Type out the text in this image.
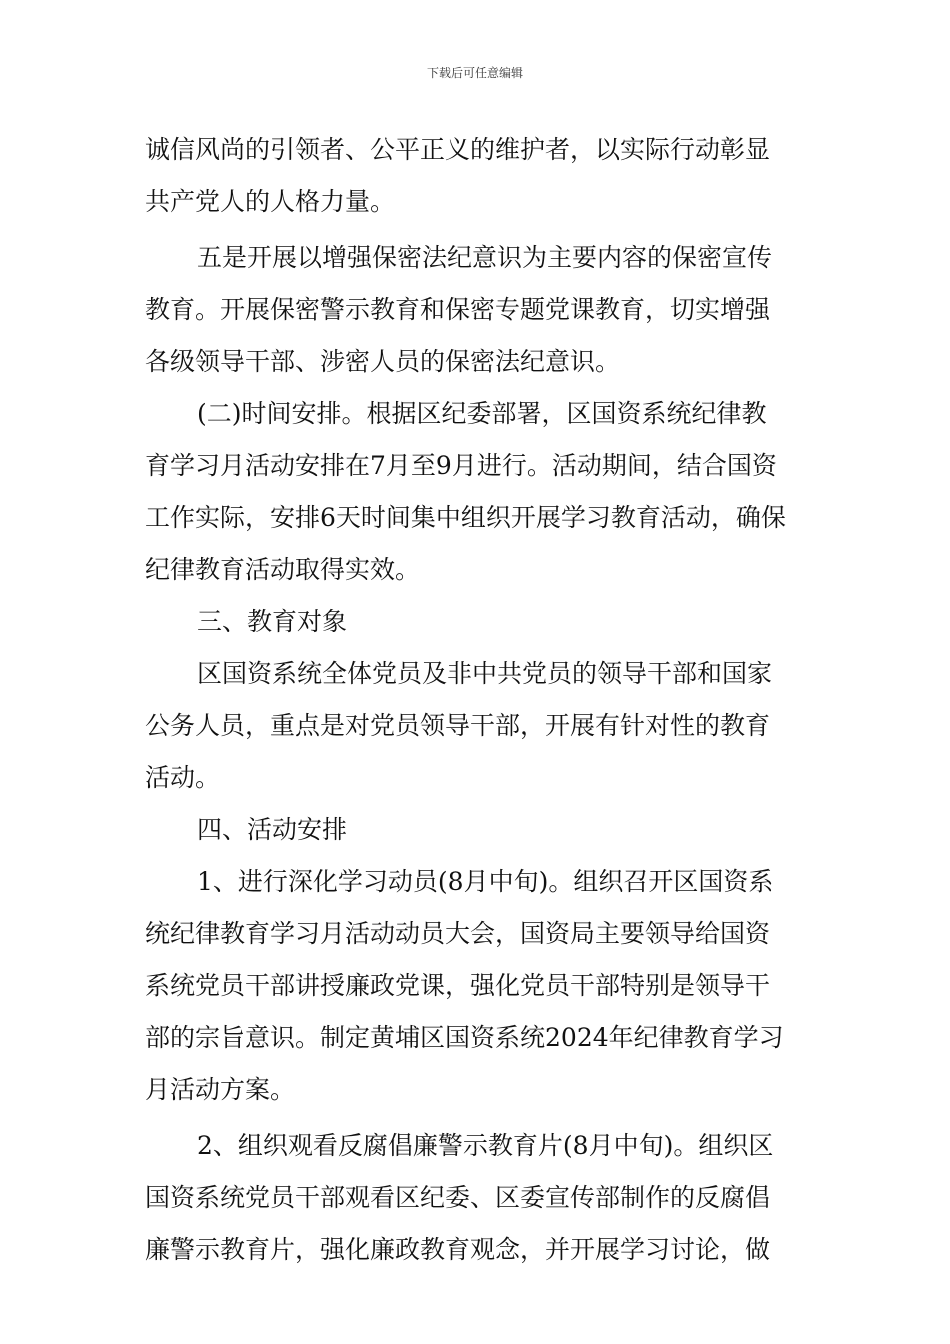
下载后可任意编辑
诚信风尚的引领者、公平正义的维护者，以实际行动彰显
共产党人的人格力量。
五是开展以增强保密法纪意识为主要内容的保密宣传
教育。开展保密警示教育和保密专题党课教育，切实增强
各级领导干部、涉密人员的保密法纪意识。
(二)时间安排。根据区纪委部署，区国资系统纪律教
育学习月活动安排在7月至9月进行。活动期间，结合国资
工作实际，安排6天时间集中组织开展学习教育活动，确保
纪律教育活动取得实效。
三、教育对象
区国资系统全体党员及非中共党员的领导干部和国家
公务人员，重点是对党员领导干部，开展有针对性的教育
活动。
四、活动安排
1、进行深化学习动员(8月中旬)。组织召开区国资系
统纪律教育学习月活动动员大会，国资局主要领导给国资
系统党员干部讲授廉政党课，强化党员干部特别是领导干
部的宗旨意识。制定黄埔区国资系统2024年纪律教育学习
月活动方案。
2、组织观看反腐倡廉警示教育片(8月中旬)。组织区
国资系统党员干部观看区纪委、区委宣传部制作的反腐倡
廉警示教育片，强化廉政教育观念，并开展学习讨论，做
